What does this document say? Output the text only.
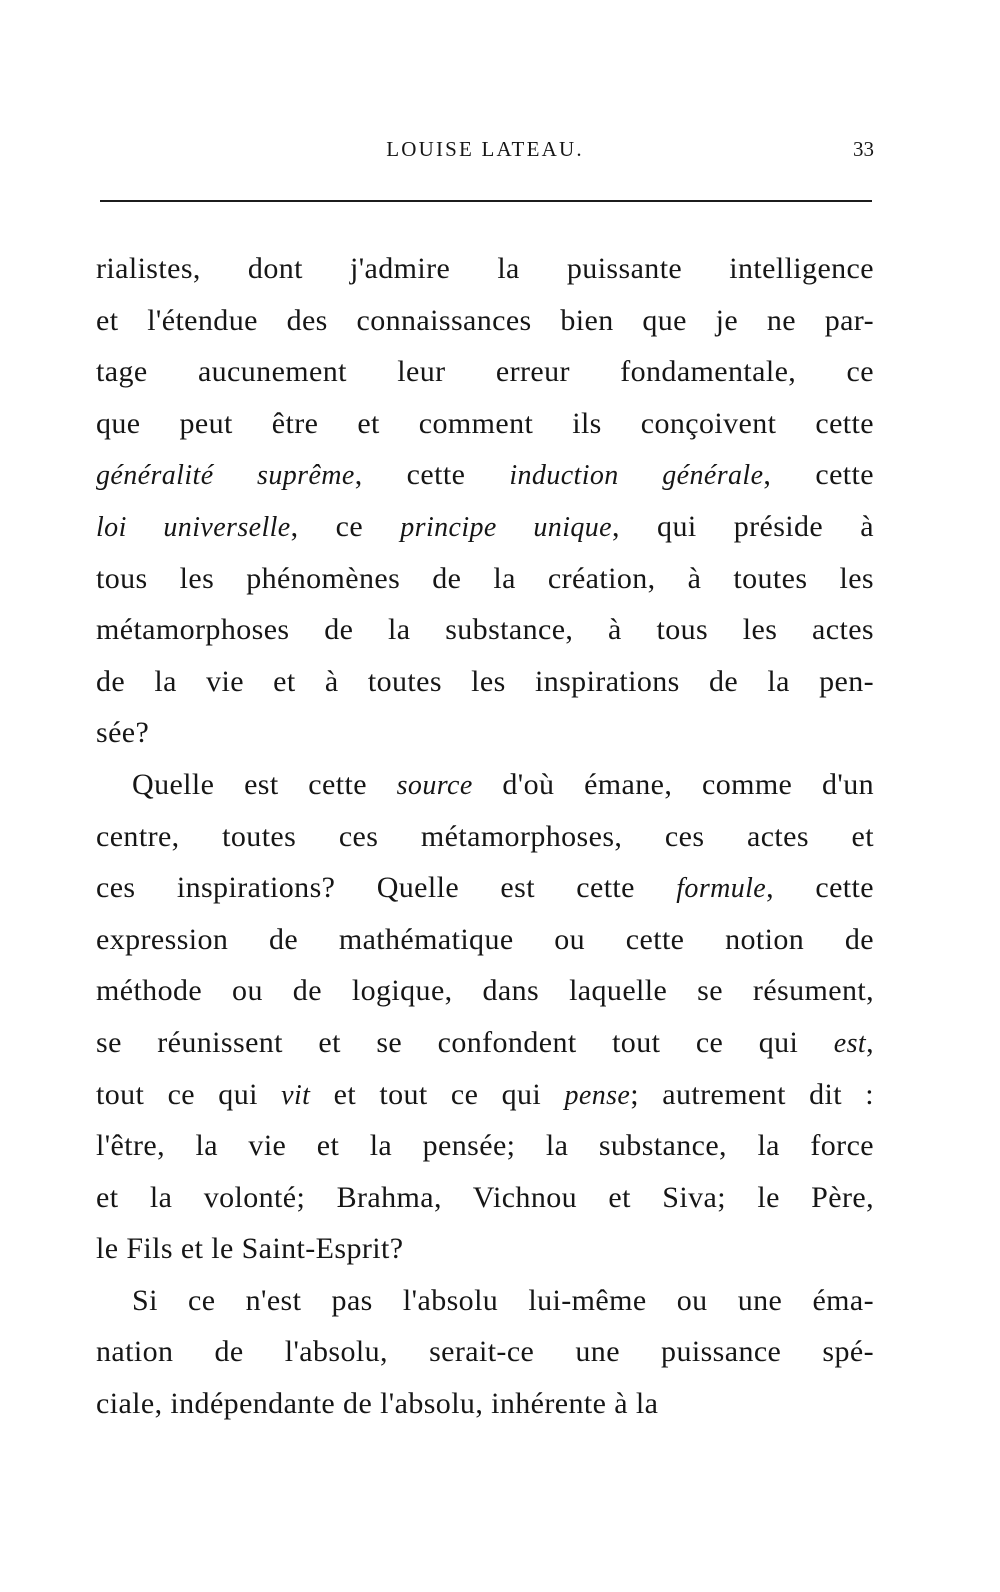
LOUISE LATEAU.	33
rialistes, dont j'admire la puissante intelligence
et l'étendue des connaissances bien que je ne par-
tage aucunement leur erreur fondamentale, ce
que peut être et comment ils conçoivent cette
généralité suprême, cette induction générale, cette
loi universelle, ce principe unique, qui préside à
tous les phénomènes de la création, à toutes les
métamorphoses de la substance, à tous les actes
de la vie et à toutes les inspirations de la pen-
sée?
Quelle est cette source d'où émane, comme d'un
centre, toutes ces métamorphoses, ces actes et
ces inspirations? Quelle est cette formule, cette
expression de mathématique ou cette notion de
méthode ou de logique, dans laquelle se résument,
se réunissent et se confondent tout ce qui est,
tout ce qui vit et tout ce qui pense; autrement dit :
l'être, la vie et la pensée; la substance, la force
et la volonté; Brahma, Vichnou et Siva; le Père,
le Fils et le Saint-Esprit?
Si ce n'est pas l'absolu lui-même ou une éma-
nation de l'absolu, serait-ce une puissance spé-
ciale, indépendante de l'absolu, inhérente à la
